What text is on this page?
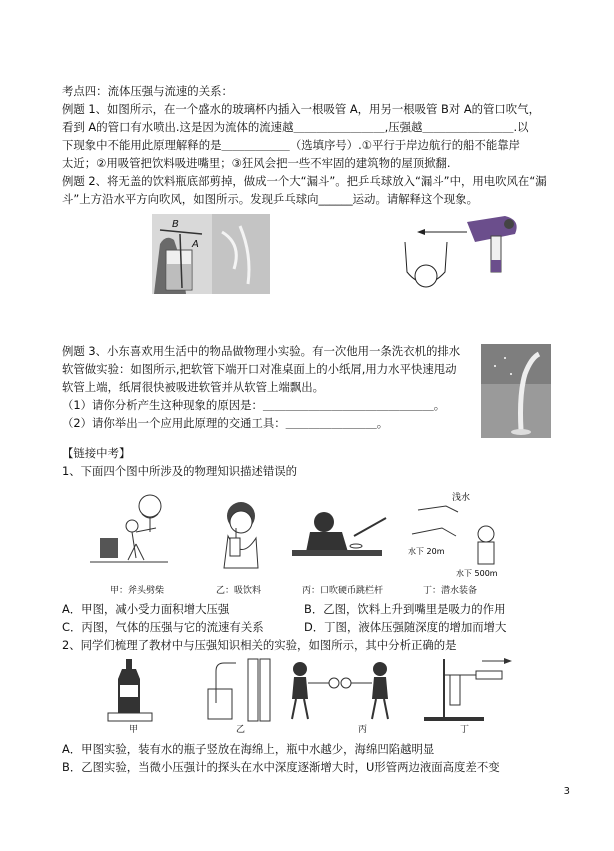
考点四：流体压强与流速的关系：
例题 1、如图所示，在一个盛水的玻璃杯内插入一根吸管 A，用另一根吸管 B对 A的管口吹气，
看到 A的管口有水喷出.这是因为流体的流速越＿＿＿＿＿＿＿＿,压强越＿＿＿＿＿＿＿＿.以
下现象中不能用此原理解释的是＿＿＿＿＿＿（选填序号）.①平行于岸边航行的船不能靠岸
太近；②用吸管把饮料吸进嘴里；③狂风会把一些不牢固的建筑物的屋顶掀翻.
例题 2、将无盖的饮料瓶底部剪掉，做成一个大“漏斗”。把乒乓球放入“漏斗”中，用电吹风在“漏
斗”上方沿水平方向吹风，如图所示。发现乒乓球向______运动。请解释这个现象。
B
A
例题 3、小东喜欢用生活中的物品做物理小实验。有一次他用一条洗衣机的排水
软管做实验：如图所示,把软管下端开口对准桌面上的小纸屑,用力水平快速甩动
软管上端，纸屑很快被吸进软管并从软管上端飘出。
（1）请你分析产生这种现象的原因是：＿＿＿＿＿＿＿＿＿＿＿＿＿＿＿。
（2）请你举出一个应用此原理的交通工具：＿＿＿＿＿＿＿＿。
【链接中考】
1、下面四个图中所涉及的物理知识描述错误的
浅水
水下 20m
水下 500m
甲：斧头劈柴	乙：吸饮料	丙：口吹硬币跳栏杆	丁：潜水装备
A．甲图，减小受力面积增大压强	B．乙图，饮料上升到嘴里是吸力的作用
C．丙图，气体的压强与它的流速有关系	D．丁图，液体压强随深度的增加而增大
2、同学们梳理了教材中与压强知识相关的实验，如图所示，其中分析正确的是
甲	乙	丙	丁
A．甲图实验，装有水的瓶子竖放在海绵上，瓶中水越少，海绵凹陷越明显
B．乙图实验，当微小压强计的探头在水中深度逐渐增大时，U形管两边液面高度差不变
3
